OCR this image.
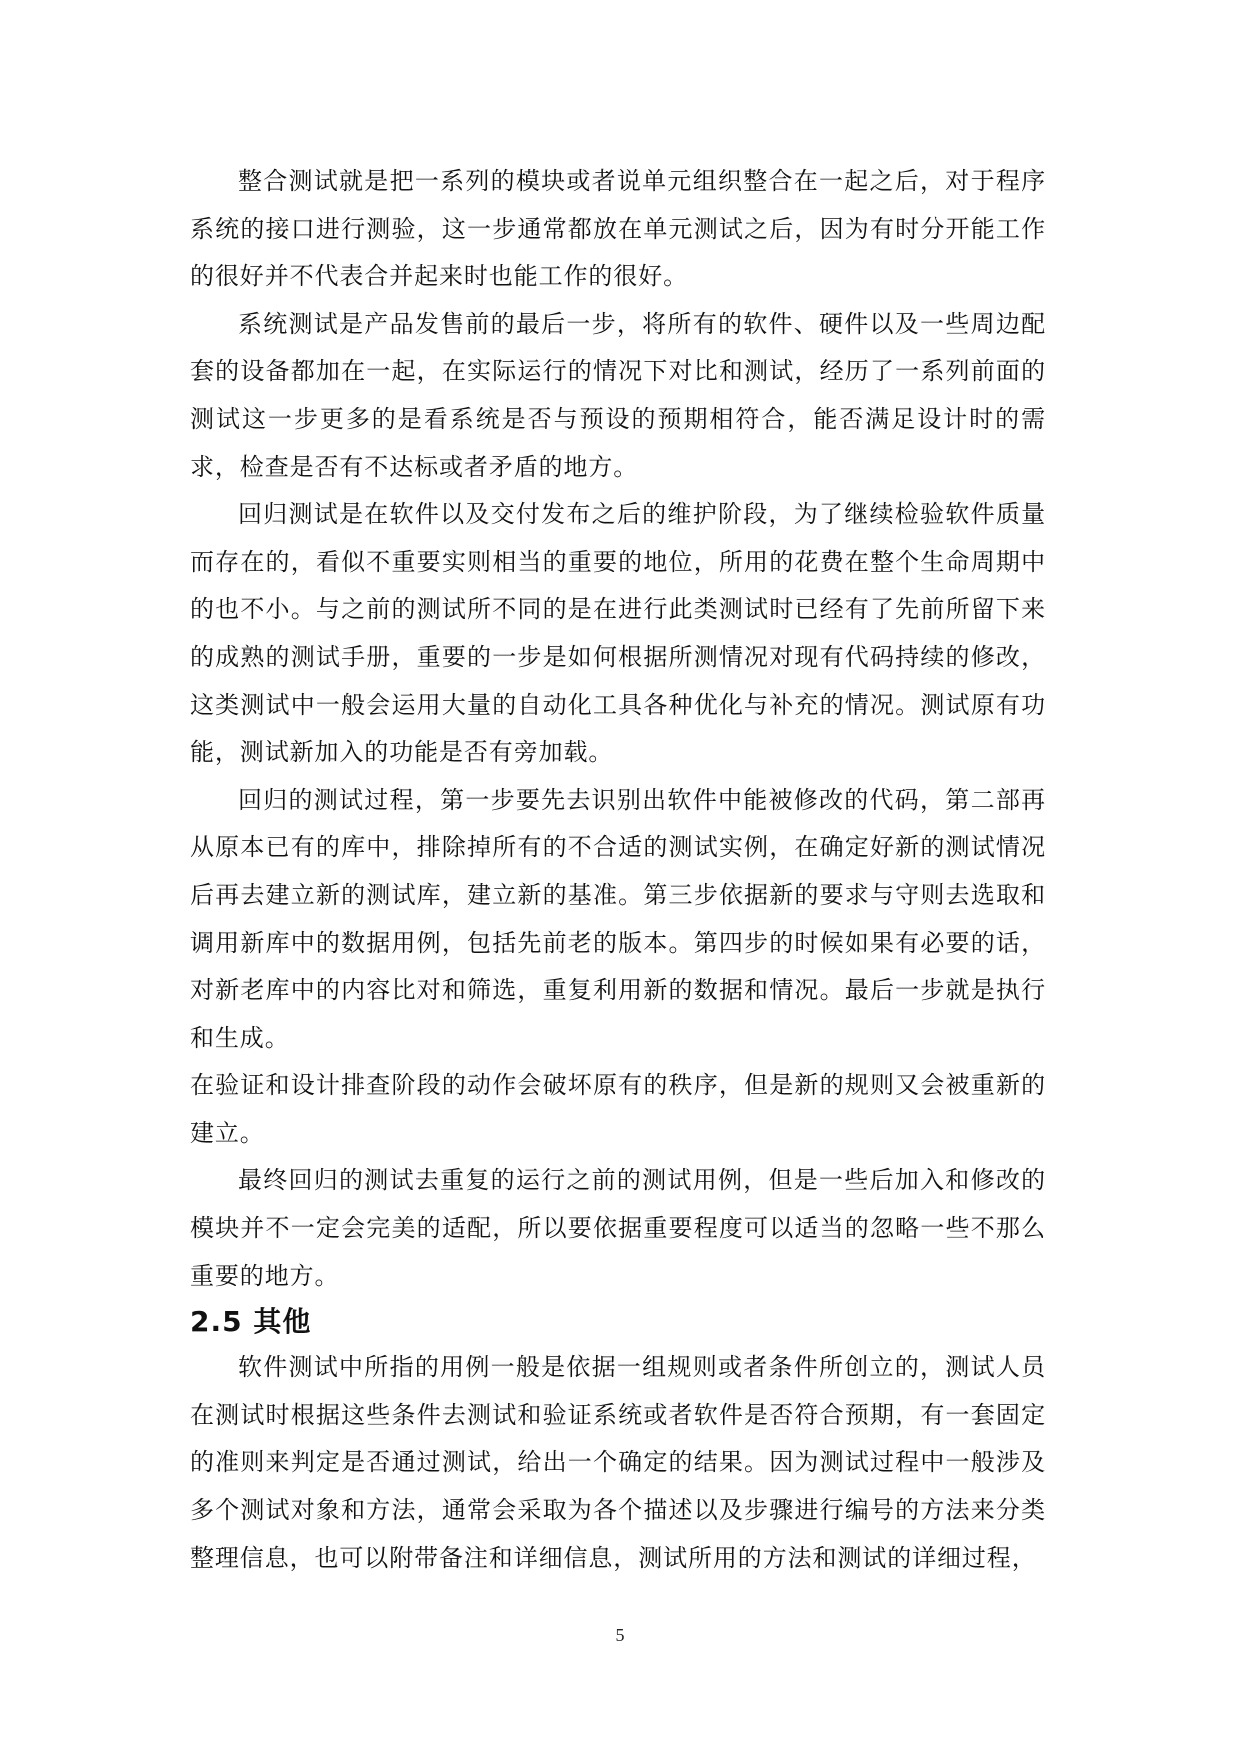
整合测试就是把一系列的模块或者说单元组织整合在一起之后，对于程序系统的接口进行测验，这一步通常都放在单元测试之后，因为有时分开能工作的很好并不代表合并起来时也能工作的很好。

系统测试是产品发售前的最后一步，将所有的软件、硬件以及一些周边配套的设备都加在一起，在实际运行的情况下对比和测试，经历了一系列前面的测试这一步更多的是看系统是否与预设的预期相符合，能否满足设计时的需求，检查是否有不达标或者矛盾的地方。

回归测试是在软件以及交付发布之后的维护阶段，为了继续检验软件质量而存在的，看似不重要实则相当的重要的地位，所用的花费在整个生命周期中的也不小。与之前的测试所不同的是在进行此类测试时已经有了先前所留下来的成熟的测试手册，重要的一步是如何根据所测情况对现有代码持续的修改，这类测试中一般会运用大量的自动化工具各种优化与补充的情况。测试原有功能，测试新加入的功能是否有旁加载。

回归的测试过程，第一步要先去识别出软件中能被修改的代码，第二部再从原本已有的库中，排除掉所有的不合适的测试实例，在确定好新的测试情况后再去建立新的测试库，建立新的基准。第三步依据新的要求与守则去选取和调用新库中的数据用例，包括先前老的版本。第四步的时候如果有必要的话，对新老库中的内容比对和筛选，重复利用新的数据和情况。最后一步就是执行和生成。

在验证和设计排查阶段的动作会破坏原有的秩序，但是新的规则又会被重新的建立。

最终回归的测试去重复的运行之前的测试用例，但是一些后加入和修改的模块并不一定会完美的适配，所以要依据重要程度可以适当的忽略一些不那么重要的地方。

2.5 其他

软件测试中所指的用例一般是依据一组规则或者条件所创立的，测试人员在测试时根据这些条件去测试和验证系统或者软件是否符合预期，有一套固定的准则来判定是否通过测试，给出一个确定的结果。因为测试过程中一般涉及多个测试对象和方法，通常会采取为各个描述以及步骤进行编号的方法来分类整理信息，也可以附带备注和详细信息，测试所用的方法和测试的详细过程，

5
